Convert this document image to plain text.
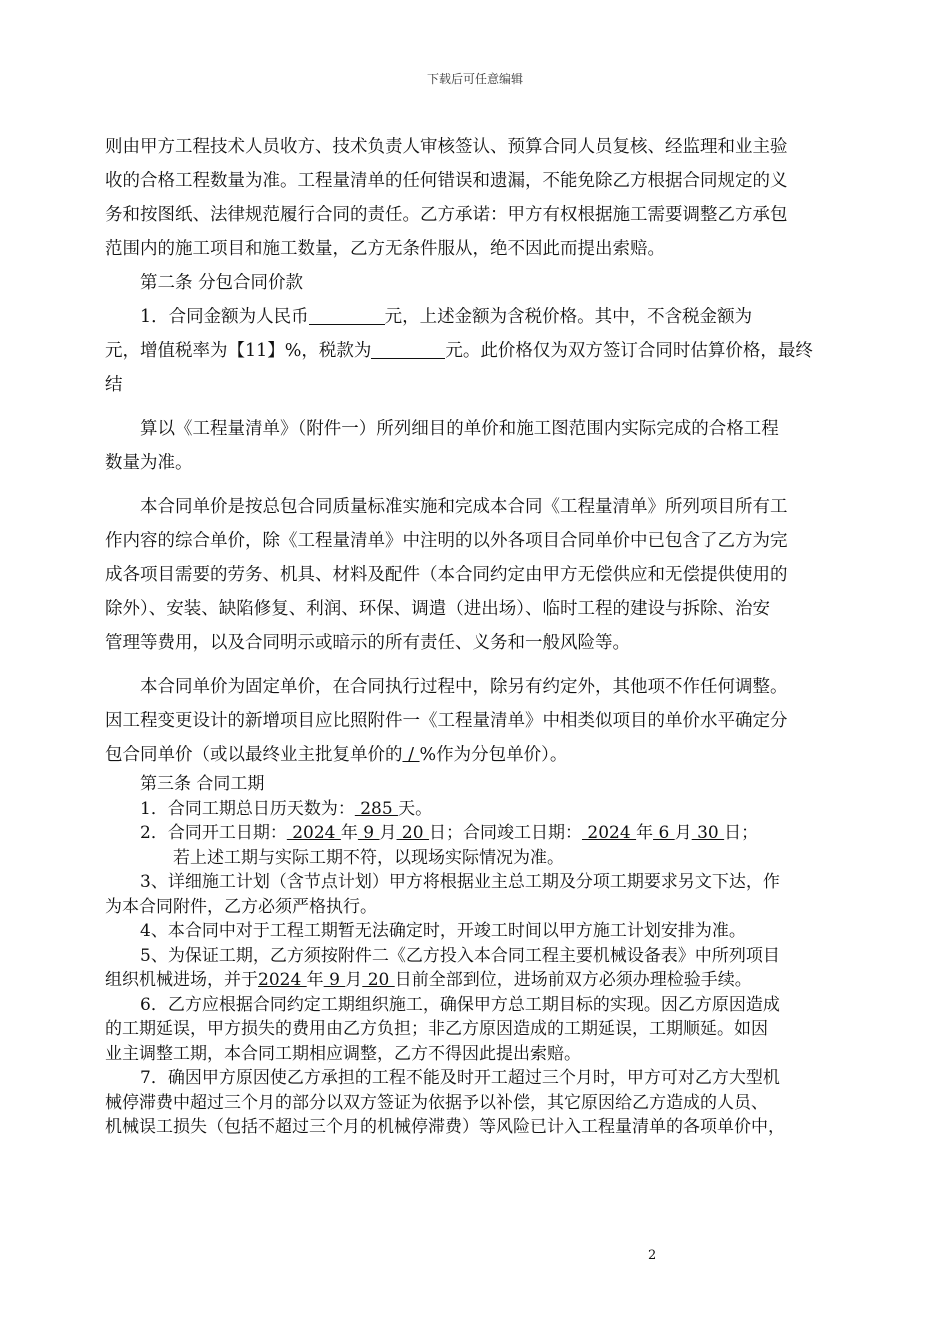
下载后可任意编辑

则由甲方工程技术人员收方、技术负责人审核签认、预算合同人员复核、经监理和业主验

收的合格工程数量为准。工程量清单的任何错误和遗漏，不能免除乙方根据合同规定的义

务和按图纸、法律规范履行合同的责任。乙方承诺：甲方有权根据施工需要调整乙方承包

范围内的施工项目和施工数量，乙方无条件服从，绝不因此而提出索赔。

第二条 分包合同价款

1．合同金额为人民币	元，上述金额为含税价格。其中，不含税金额为

元，增值税率为【11】%，税款为	元。此价格仅为双方签订合同时估算价格，最终

结

算以《工程量清单》（附件一）所列细目的单价和施工图范围内实际完成的合格工程

数量为准。

本合同单价是按总包合同质量标准实施和完成本合同《工程量清单》所列项目所有工

作内容的综合单价，除《工程量清单》中注明的以外各项目合同单价中已包含了乙方为完

成各项目需要的劳务、机具、材料及配件（本合同约定由甲方无偿供应和无偿提供使用的

除外）、安装、缺陷修复、利润、环保、调遣（进出场）、临时工程的建设与拆除、治安

管理等费用，以及合同明示或暗示的所有责任、义务和一般风险等。

本合同单价为固定单价，在合同执行过程中，除另有约定外，其他项不作任何调整。

因工程变更设计的新增项目应比照附件一《工程量清单》中相类似项目的单价水平确定分

包合同单价（或以最终业主批复单价的 / %作为分包单价）。

第三条 合同工期

1．合同工期总日历天数为： 285 天。

2．合同开工日期： 2024 年 9 月 20 日；合同竣工日期： 2024 年 6 月 30 日；

若上述工期与实际工期不符，以现场实际情况为准。

3、详细施工计划（含节点计划）甲方将根据业主总工期及分项工期要求另文下达，作

为本合同附件，乙方必须严格执行。

4、本合同中对于工程工期暂无法确定时，开竣工时间以甲方施工计划安排为准。

5、为保证工期，乙方须按附件二《乙方投入本合同工程主要机械设备表》中所列项目

组织机械进场，并于2024 年 9 月 20 日前全部到位，进场前双方必须办理检验手续。

6．乙方应根据合同约定工期组织施工，确保甲方总工期目标的实现。因乙方原因造成

的工期延误，甲方损失的费用由乙方负担；非乙方原因造成的工期延误，工期顺延。如因

业主调整工期，本合同工期相应调整，乙方不得因此提出索赔。

7．确因甲方原因使乙方承担的工程不能及时开工超过三个月时，甲方可对乙方大型机

械停滞费中超过三个月的部分以双方签证为依据予以补偿，其它原因给乙方造成的人员、

机械误工损失（包括不超过三个月的机械停滞费）等风险已计入工程量清单的各项单价中，

2
